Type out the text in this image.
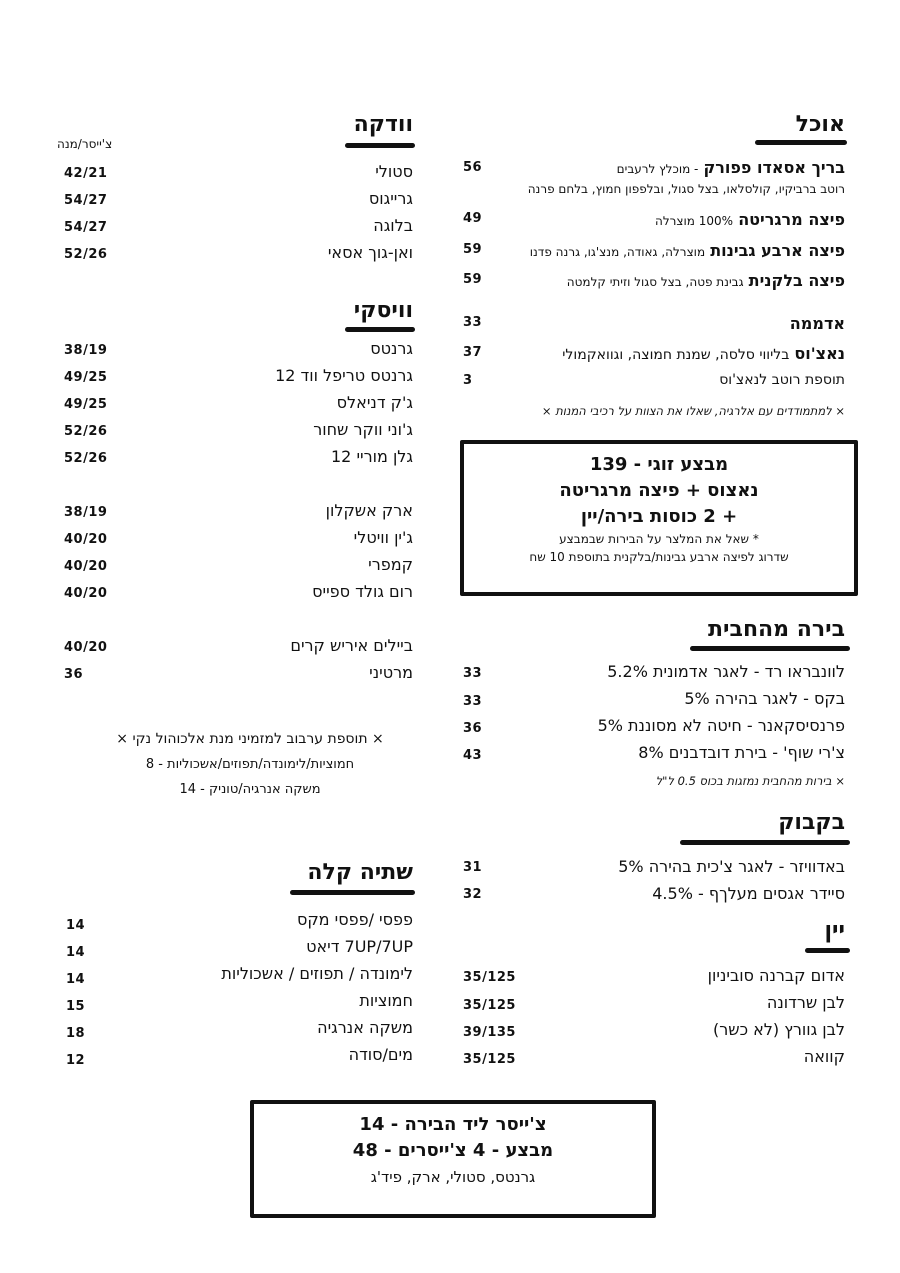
אוכל
בריך אסאדו פפורק - מוכלץ לרעבים
רוטב ברביקיו, קולסלאו, בצל סגול, ובלפפון חמוץ, בלחם פרנה
56
פיצה מרגריטה 100% מוצרלה
49
פיצה ארבע גבינות מוצרלה, גאודה, מנצ'גו, גרנה פדנו
59
פיצה בלקנית גבינת פטה, בצל סגול וזיתי קלמטה
59
אדממה
33
נאצ'וס בליווי סלסה, שמנת חמוצה, וגוואקמולי
37
תוספת רוטב לנאצ'וס
3
× למתמודדים עם אלרגיה, שאלו את הצוות על רכיבי המנות ×
מבצע זוגי - 139
נאצוס + פיצה מרגריטה
+ 2 כוסות בירה/יין
* שאל את המלצר על הבירות שבמבצע
שדרוג לפיצה ארבע גבינות/בלקנית בתוספת 10 שח
בירה מהחבית
לוונבראו רד - לאגר אדמונית 5.2%
33
בקס - לאגר בהירה 5%
33
פרנסיסקאנר - חיטה לא מסוננת 5%
36
צ'רי שוף' - בירת דובדבנים 8%
43
× בירות מהחבית נמזגות בכוס 0.5 ל"ל
בקבוק
באדוויזר - לאגר צ'כית בהירה 5%
31
סיידר אגסים מעלךף - 4.5%
32
יין
אדום קברנה סוביניון
35/125
לבן שרדונה
35/125
לבן גוורץ (לא כשר)
39/135
קוואה
35/125
וודקה
צ'ייסר/מנה
סטולי
42/21
גרייגוס
54/27
בלוגה
54/27
ואן-גוך אסאי
52/26
וויסקי
גרנטס
38/19
גרנטס טריפל ווד 12
49/25
ג'ק דניאלס
49/25
ג'וני ווקר שחור
52/26
גלן מוריי 12
52/26
ארק אשקלון
38/19
ג'ין וויטלי
40/20
קמפרי
40/20
רום גולד ספייס
40/20
ביילים איריש קרים
40/20
מרטיני
36
× תוספת ערבוב למזמיני מנת אלכוהול נקי ×
חמוציות/לימונדה/תפוזים/אשכוליות - 8
משקה אנרגיה/טוניק - 14
שתיה קלה
פפסי /פפסי מקס
14
7UP/7UP דיאט
14
לימונדה / תפוזים / אשכוליות
14
חמוציות
15
משקה אנרגיה
18
מים/סודה
12
צ'ייסר ליד הבירה - 14
מבצע - 4 צ'ייסרים - 48
גרנטס, סטולי, ארק, פיד'ג
